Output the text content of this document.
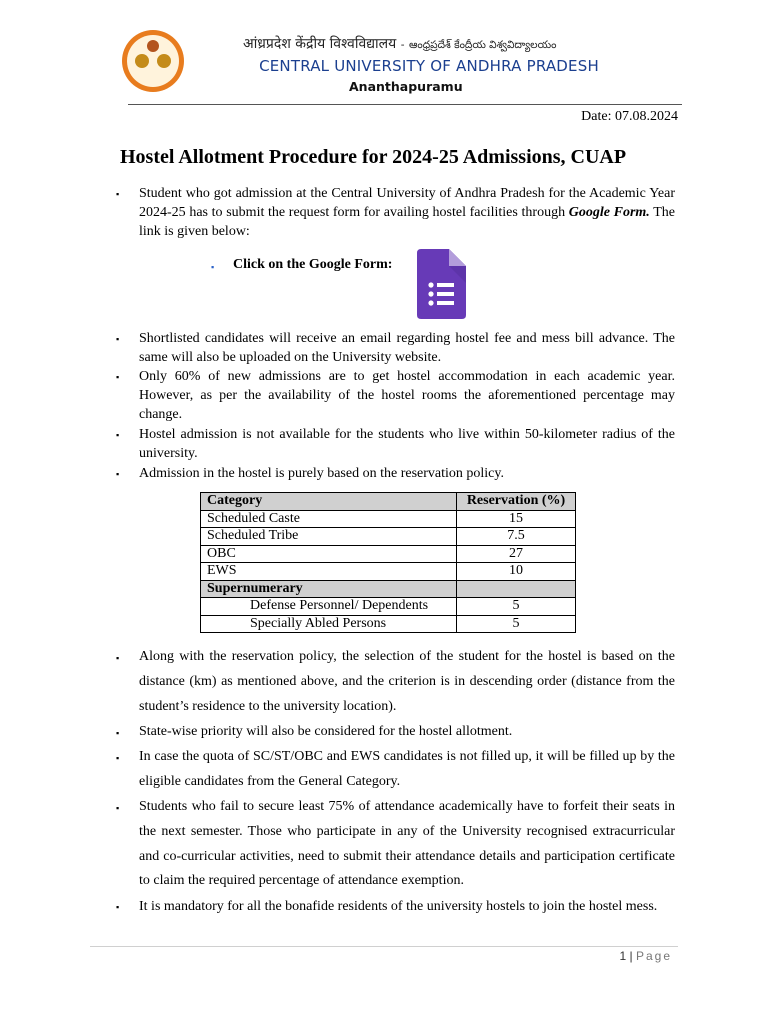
आंध्रप्रदेश केंद्रीय विश्वविद्यालय - ఆంధ్రప్రదేశ్ కేంద్రీయ విశ్వవిద్యాలయం
CENTRAL UNIVERSITY OF ANDHRA PRADESH
Ananthapuramu
Date: 07.08.2024
Hostel Allotment Procedure for 2024-25 Admissions, CUAP
▪ Student who got admission at the Central University of Andhra Pradesh for the Academic Year 2024-25 has to submit the request form for availing hostel facilities through Google Form. The link is given below:
▪ Click on the Google Form:
▪ Shortlisted candidates will receive an email regarding hostel fee and mess bill advance. The same will also be uploaded on the University website.
▪ Only 60% of new admissions are to get hostel accommodation in each academic year. However, as per the availability of the hostel rooms the aforementioned percentage may change.
▪ Hostel admission is not available for the students who live within 50-kilometer radius of the university.
▪ Admission in the hostel is purely based on the reservation policy.
Category	Reservation (%)
Scheduled Caste	15
Scheduled Tribe	7.5
OBC	27
EWS	10
Supernumerary	
Defense Personnel/ Dependents	5
Specially Abled Persons	5
▪ Along with the reservation policy, the selection of the student for the hostel is based on the distance (km) as mentioned above, and the criterion is in descending order (distance from the student’s residence to the university location).
▪ State-wise priority will also be considered for the hostel allotment.
▪ In case the quota of SC/ST/OBC and EWS candidates is not filled up, it will be filled up by the eligible candidates from the General Category.
▪ Students who fail to secure least 75% of attendance academically have to forfeit their seats in the next semester. Those who participate in any of the University recognised extracurricular and co-curricular activities, need to submit their attendance details and participation certificate to claim the required percentage of attendance exemption.
▪ It is mandatory for all the bonafide residents of the university hostels to join the hostel mess.
1 | Page
